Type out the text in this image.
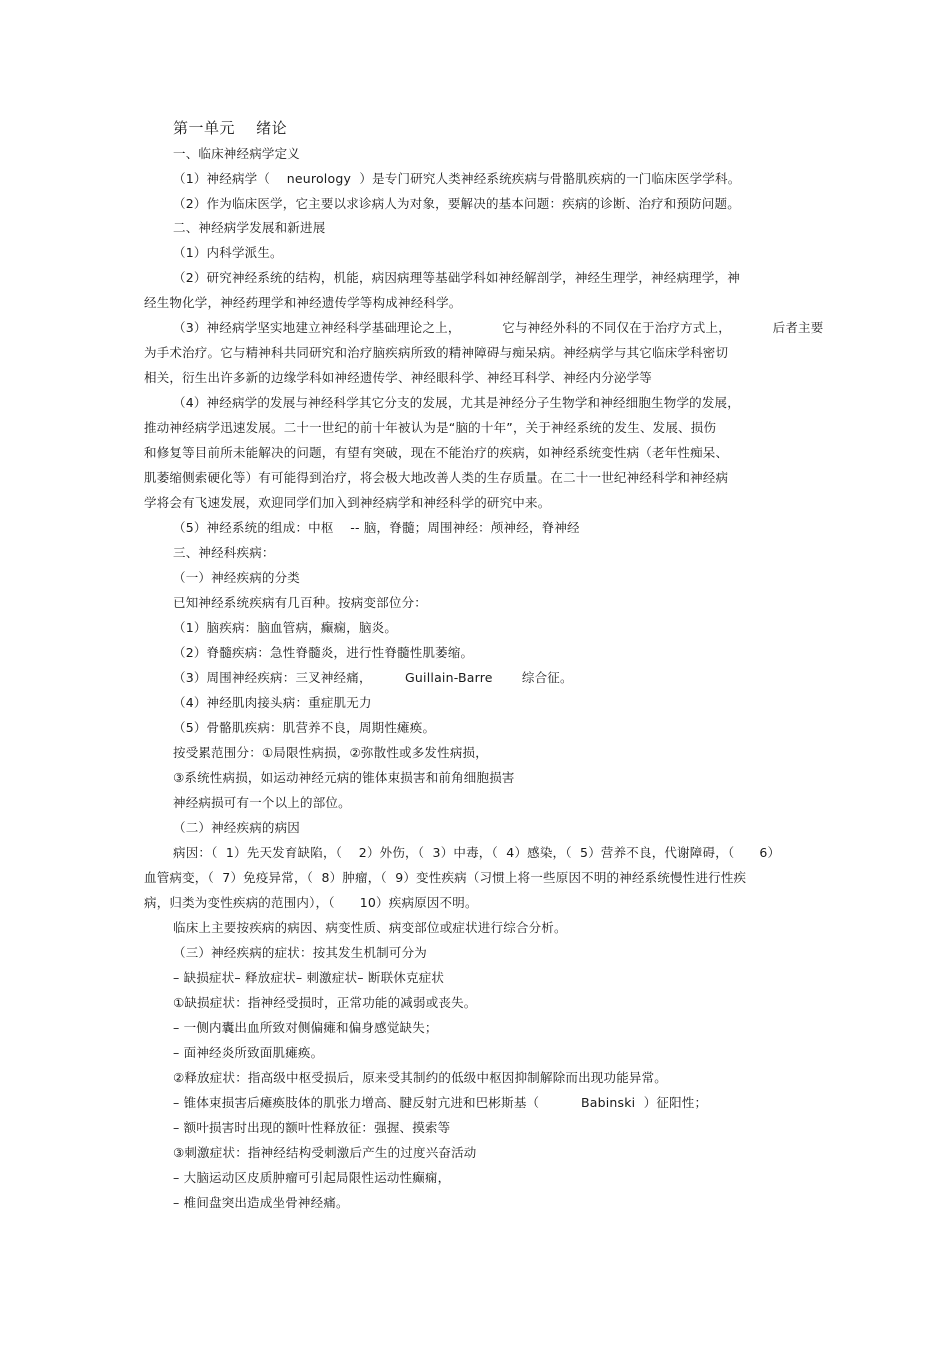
第一单元    绪论
一、临床神经病学定义
（1）神经病学（    neurology  ）是专门研究人类神经系统疾病与骨骼肌疾病的一门临床医学学科。
（2）作为临床医学，它主要以求诊病人为对象，要解决的基本问题：疾病的诊断、治疗和预防问题。
二、神经病学发展和新进展
（1）内科学派生。
（2）研究神经系统的结构，机能，病因病理等基础学科如神经解剖学，神经生理学，神经病理学，神
经生物化学，神经药理学和神经遗传学等构成神经科学。
（3）神经病学坚实地建立神经科学基础理论之上，          它与神经外科的不同仅在于治疗方式上，          后者主要
为手术治疗。它与精神科共同研究和治疗脑疾病所致的精神障碍与痴呆病。神经病学与其它临床学科密切
相关，衍生出许多新的边缘学科如神经遗传学、神经眼科学、神经耳科学、神经内分泌学等
（4）神经病学的发展与神经科学其它分支的发展，尤其是神经分子生物学和神经细胞生物学的发展，
推动神经病学迅速发展。二十一世纪的前十年被认为是“脑的十年”，关于神经系统的发生、发展、损伤
和修复等目前所未能解决的问题，有望有突破，现在不能治疗的疾病，如神经系统变性病（老年性痴呆、
肌萎缩侧索硬化等）有可能得到治疗，将会极大地改善人类的生存质量。在二十一世纪神经科学和神经病
学将会有飞速发展，欢迎同学们加入到神经病学和神经科学的研究中来。
（5）神经系统的组成：中枢    -- 脑，脊髓；周围神经：颅神经，脊神经
三、神经科疾病：
（一）神经疾病的分类
已知神经系统疾病有几百种。按病变部位分：
（1）脑疾病：脑血管病，癫痫，脑炎。
（2）脊髓疾病：急性脊髓炎，进行性脊髓性肌萎缩。
（3）周围神经疾病：三叉神经痛，        Guillain-Barre       综合征。
（4）神经肌肉接头病：重症肌无力
（5）骨骼肌疾病：肌营养不良，周期性瘫痪。
按受累范围分：①局限性病损，②弥散性或多发性病损，
③系统性病损，如运动神经元病的锥体束损害和前角细胞损害
神经病损可有一个以上的部位。
（二）神经疾病的病因
病因：（  1）先天发育缺陷，（    2）外伤，（  3）中毒，（  4）感染，（  5）营养不良，代谢障碍，（      6）
血管病变，（  7）免疫异常，（  8）肿瘤，（  9）变性疾病（习惯上将一些原因不明的神经系统慢性进行性疾
病，归类为变性疾病的范围内），（      10）疾病原因不明。
临床上主要按疾病的病因、病变性质、病变部位或症状进行综合分析。
（三）神经疾病的症状：按其发生机制可分为
– 缺损症状– 释放症状– 刺激症状– 断联休克症状
①缺损症状：指神经受损时，正常功能的减弱或丧失。
– 一侧内囊出血所致对侧偏瘫和偏身感觉缺失；
– 面神经炎所致面肌瘫痪。
②释放症状：指高级中枢受损后，原来受其制约的低级中枢因抑制解除而出现功能异常。
– 锥体束损害后瘫痪肢体的肌张力增高、腱反射亢进和巴彬斯基（          Babinski  ）征阳性；
– 额叶损害时出现的额叶性释放征：强握、摸索等
③刺激症状：指神经结构受刺激后产生的过度兴奋活动
– 大脑运动区皮质肿瘤可引起局限性运动性癫痫，
– 椎间盘突出造成坐骨神经痛。
